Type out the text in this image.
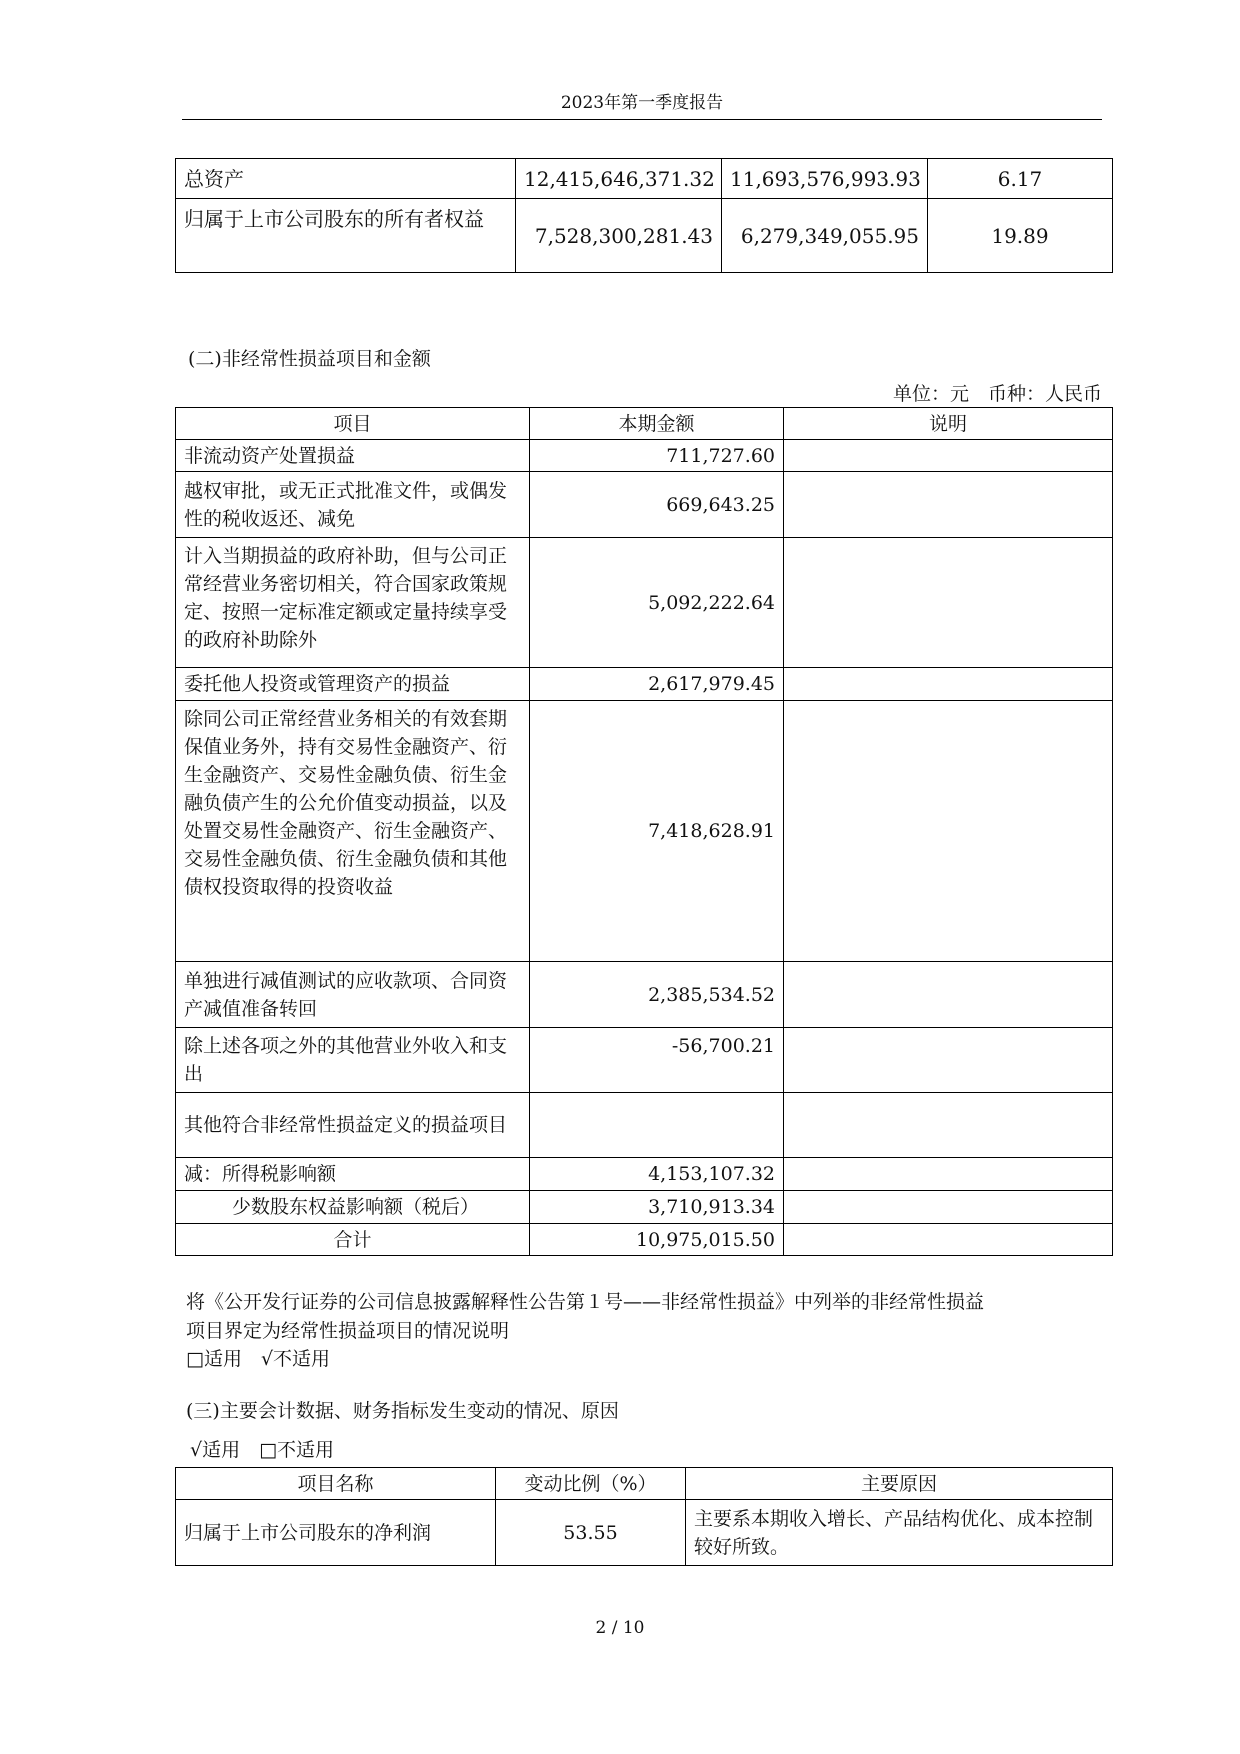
2023年第一季度报告
总资产	12,415,646,371.32	11,693,576,993.93	6.17
归属于上市公司股东的所有者权益	7,528,300,281.43	6,279,349,055.95	19.89
(二)非经常性损益项目和金额
单位：元　币种：人民币
项目	本期金额	说明
非流动资产处置损益	711,727.60	
越权审批，或无正式批准文件，或偶发性的税收返还、减免	669,643.25	
计入当期损益的政府补助，但与公司正常经营业务密切相关，符合国家政策规定、按照一定标准定额或定量持续享受的政府补助除外	5,092,222.64	
委托他人投资或管理资产的损益	2,617,979.45	
除同公司正常经营业务相关的有效套期保值业务外，持有交易性金融资产、衍生金融资产、交易性金融负债、衍生金融负债产生的公允价值变动损益，以及处置交易性金融资产、衍生金融资产、交易性金融负债、衍生金融负债和其他债权投资取得的投资收益	7,418,628.91	
单独进行减值测试的应收款项、合同资产减值准备转回	2,385,534.52	
除上述各项之外的其他营业外收入和支出	-56,700.21	
其他符合非经常性损益定义的损益项目		
减：所得税影响额	4,153,107.32	
少数股东权益影响额（税后）	3,710,913.34	
合计	10,975,015.50	
将《公开发行证券的公司信息披露解释性公告第１号——非经常性损益》中列举的非经常性损益
项目界定为经常性损益项目的情况说明
□适用　√不适用
(三)主要会计数据、财务指标发生变动的情况、原因
√适用　□不适用
项目名称	变动比例（%）	主要原因
归属于上市公司股东的净利润	53.55	主要系本期收入增长、产品结构优化、成本控制较好所致。
2 / 10
